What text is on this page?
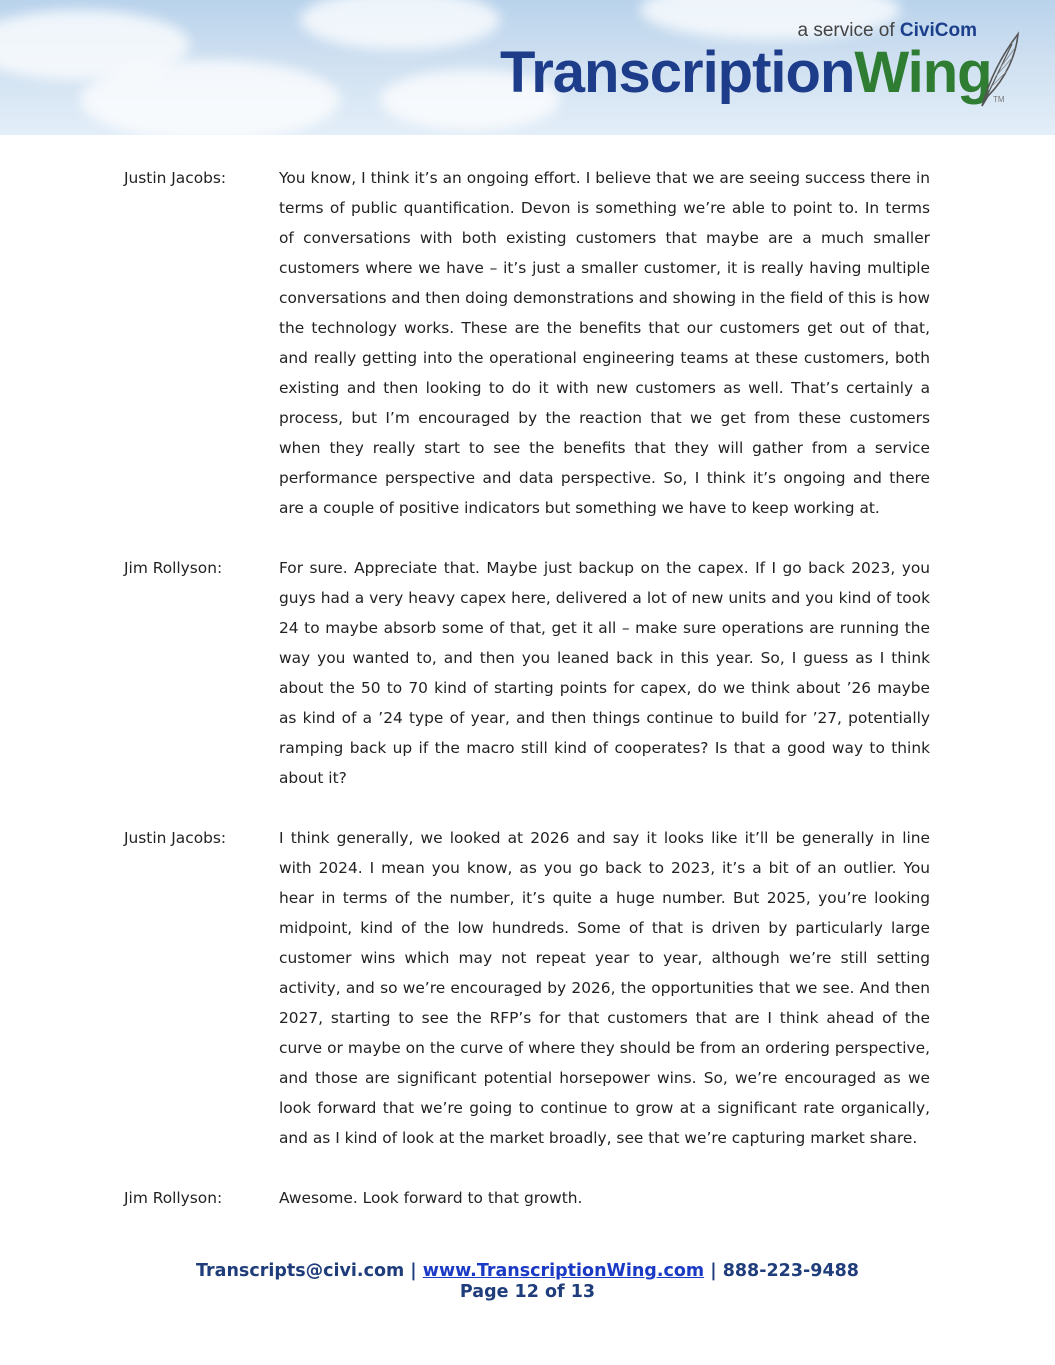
a service of CiviCom
TranscriptionWing TM
Justin Jacobs:	You know, I think it’s an ongoing effort. I believe that we are seeing success there in terms of public quantification. Devon is something we’re able to point to. In terms of conversations with both existing customers that maybe are a much smaller customers where we have – it’s just a smaller customer, it is really having multiple conversations and then doing demonstrations and showing in the field of this is how the technology works. These are the benefits that our customers get out of that, and really getting into the operational engineering teams at these customers, both existing and then looking to do it with new customers as well. That’s certainly a process, but I’m encouraged by the reaction that we get from these customers when they really start to see the benefits that they will gather from a service performance perspective and data perspective. So, I think it’s ongoing and there are a couple of positive indicators but something we have to keep working at.

Jim Rollyson:	For sure. Appreciate that. Maybe just backup on the capex. If I go back 2023, you guys had a very heavy capex here, delivered a lot of new units and you kind of took 24 to maybe absorb some of that, get it all – make sure operations are running the way you wanted to, and then you leaned back in this year. So, I guess as I think about the 50 to 70 kind of starting points for capex, do we think about ’26 maybe as kind of a ’24 type of year, and then things continue to build for ’27, potentially ramping back up if the macro still kind of cooperates? Is that a good way to think about it?

Justin Jacobs:	I think generally, we looked at 2026 and say it looks like it’ll be generally in line with 2024. I mean you know, as you go back to 2023, it’s a bit of an outlier. You hear in terms of the number, it’s quite a huge number. But 2025, you’re looking midpoint, kind of the low hundreds. Some of that is driven by particularly large customer wins which may not repeat year to year, although we’re still setting activity, and so we’re encouraged by 2026, the opportunities that we see. And then 2027, starting to see the RFP’s for that customers that are I think ahead of the curve or maybe on the curve of where they should be from an ordering perspective, and those are significant potential horsepower wins. So, we’re encouraged as we look forward that we’re going to continue to grow at a significant rate organically, and as I kind of look at the market broadly, see that we’re capturing market share.

Jim Rollyson:	Awesome. Look forward to that growth.

Transcripts@civi.com | www.TranscriptionWing.com | 888-223-9488
Page 12 of 13
